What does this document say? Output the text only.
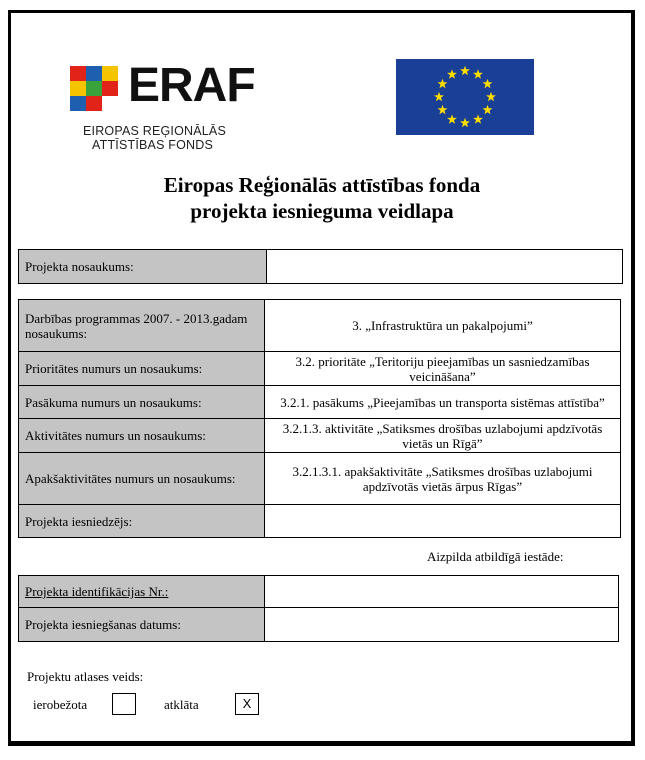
ERAF
EIROPAS REĢIONĀLĀS
ATTĪSTĪBAS FONDS
Eiropas Reģionālās attīstības fonda
projekta iesnieguma veidlapa
Projekta nosaukums:	
Darbības programmas 2007. - 2013.gadam nosaukums:	3. „Infrastruktūra un pakalpojumi”
Prioritātes numurs un nosaukums:	3.2. prioritāte „Teritoriju pieejamības un sasniedzamības veicināšana”
Pasākuma numurs un nosaukums:	3.2.1. pasākums „Pieejamības un transporta sistēmas attīstība”
Aktivitātes numurs un nosaukums:	3.2.1.3. aktivitāte „Satiksmes drošības uzlabojumi apdzīvotās vietās un Rīgā”
Apakšaktivitātes numurs un nosaukums:	3.2.1.3.1. apakšaktivitāte „Satiksmes drošības uzlabojumi apdzīvotās vietās ārpus Rīgas”
Projekta iesniedzējs:	
Aizpilda atbildīgā iestāde:
Projekta identifikācijas Nr.:	
Projekta iesniegšanas datums:	
Projektu atlases veids:
ierobežota	atklāta	X
